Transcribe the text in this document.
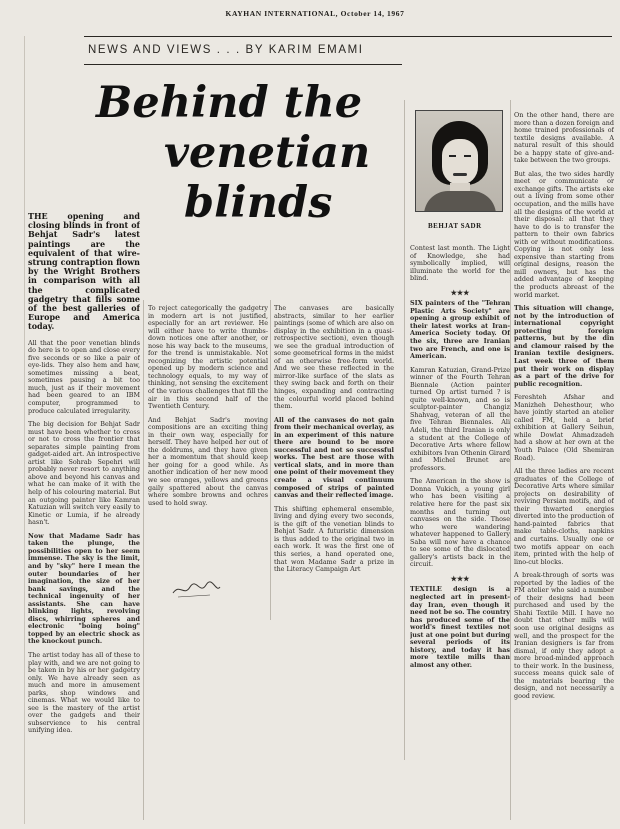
KAYHAN INTERNATIONAL, October 14, 1967
NEWS AND VIEWS . . . BY KARIM EMAMI
Behind the
venetian
blinds

THE opening and closing blinds in front of Behjat Sadr's latest paintings are the equivalent of that wire-strung contraption flown by the Wright Brothers in comparison with all the complicated gadgetry that fills some of the best galleries of Europe and America today.

All that the poor venetian blinds do here is to open and close every five seconds or so like a pair of eye-lids. They also hem and haw, sometimes missing a beat, sometimes pausing a bit too much, just as if their movement had been geared to an IBM computer, programmed to produce calculated irregularity.

The big decision for Behjat Sadr must have been whether to cross or not to cross the frontier that separates simple painting from gadget-aided art. An introspective artist like Sohrab Sepehri will probably never resort to anything above and beyond his canvas and what he can make of it with the help of his colouring material. But an outgoing painter like Kamran Katuzian will switch very easily to Kinetic or Lumia, if he already hasn't.

Now that Madame Sadr has taken the plunge, the possibilities open to her seem immense. The sky is the limit, and by "sky" here I mean the outer boundaries of her imagination, the size of her bank savings, and the technical ingenuity of her assistants. She can have blinking lights, revolving discs, whirring spheres and electronic "boing boing" topped by an electric shock as the knockout punch.

The artist today has all of these to play with, and we are not going to be taken in by his or her gadgetry only. We have already seen as much and more in amusement parks, shop windows and cinemas. What we would like to see is the mastery of the artist over the gadgets and their subservience to his central unifying idea.

To reject categorically the gadgetry in modern art is not justified, especially for an art reviewer. He will either have to write thumbs-down notices one after another, or nose his way back to the museums, for the trend is unmistakable. Not recognizing the artistic potential opened up by modern science and technology equals, to my way of thinking, not sensing the excitement of the various challenges that fill the air in this second half of the Twentieth Century.

And Behjat Sadr's moving compositions are an exciting thing in their own way, especially for herself. They have helped her out of the doldrums, and they have given her a momentum that should keep her going for a good while. As another indication of her new mood we see oranges, yellows and greens gaily spattered about the canvas where sombre browns and ochres used to hold sway.

The canvases are basically abstracts, similar to her earlier paintings (some of which are also on display in the exhibition in a quasi-retrospective section), even though we see the gradual introduction of some geometrical forms in the midst of an otherwise free-form world. And we see these reflected in the mirror-like surface of the slats as they swing back and forth on their hinges, expanding and contracting the colourful world placed behind them.

All of the canvases do not gain from their mechanical overlay, as in an experiment of this nature there are bound to be more successful and not so successful works. The best are those with vertical slats, and in more than one point of their movement they create a visual continuum composed of strips of painted canvas and their reflected image.

This shifting ephemeral ensemble, living and dying every two seconds, is the gift of the venetian blinds to Behjat Sadr. A futuristic dimension is thus added to the original two in each work. It was the first one of this series, a hand operated one, that won Madame Sadr a prize in the Literacy Campaign Art

BEHJAT SADR

Contest last month. The Light of Knowledge, she had symbolically implied, will illuminate the world for the blind.

★★★

SIX painters of the "Tehran Plastic Arts Society" are opening a group exhibit of their latest works at Iran-America Society today. Of the six, three are Iranian two are French, and one is American.

Kamran Katuzian, Grand-Prize winner of the Fourth Tehran Biennale (Action painter turned Op artist turned ? is quite well-known, and so is sculptor-painter Changiz Shahvag, veteran of all the five Tehran Biennales. Ali Adeli, the third Iranian is only a student at the College of Decorative Arts where fellow exhibitors Ivan Othenin Girard and Michel Brunet are professors.

The American in the show is Donna Vukich, a young girl who has been visiting a relative here for the past six months and turning out canvases on the side. Those who were wandering whatever happened to Gallery Saba will now have a chance to see some of the dislocated gallery's artists back in the circuit.

★★★

TEXTILE design is a neglected art in present-day Iran, even though it need not be so. The country has produced some of the world's finest textiles not just at one point but during several periods of its history, and today it has more textile mills than almost any other.

On the other hand, there are more than a dozen foreign and home trained professionals of textile designs available. A natural result of this should be a happy state of give-and-take between the two groups.

But alas, the two sides hardly meet or communicate or exchange gifts. The artists eke out a living from some other occupation, and the mills have all the designs of the world at their disposal: all that they have to do is to transfer the pattern to their own fabrics with or without modifications. Copying is not only less expensive than starting from original designs, reason the mill owners, but has the added advantage of keeping the products abreast of the world market.

This situation will change, not by the introduction of international copyright protecting foreign patterns, but by the din and clamour raised by the Iranian textile designers. Last week three of them put their work on display as a part of the drive for public recognition.

Fereshteh Afshar and Manizheh Dehesthour, who have jointly started an atelier called FM, held a brief exhibition at Gallery Seihun, while Dowlat Ahmadzadeh had a show at her own at the Youth Palace (Old Shemiran Road).

All the three ladies are recent graduates of the College of Decorative Arts where similar projects on desirability of reviving Persian motifs, and of their thwarted energies diverted into the production of hand-painted fabrics that make table-cloths, napkins and curtains. Usually one or two motifs appear on each item, printed with the help of lino-cut blocks.

A break-through of sorts was reported by the ladies of the FM atelier who said a number of their designs had been purchased and used by the Shahi Textile Mill. I have no doubt that other mills will soon use original designs as well, and the prospect for the Iranian designers is far from dismal, if only they adopt a more broad-minded approach to their work. In the business, success means quick sale of the materials bearing the design, and not necessarily a good review.
